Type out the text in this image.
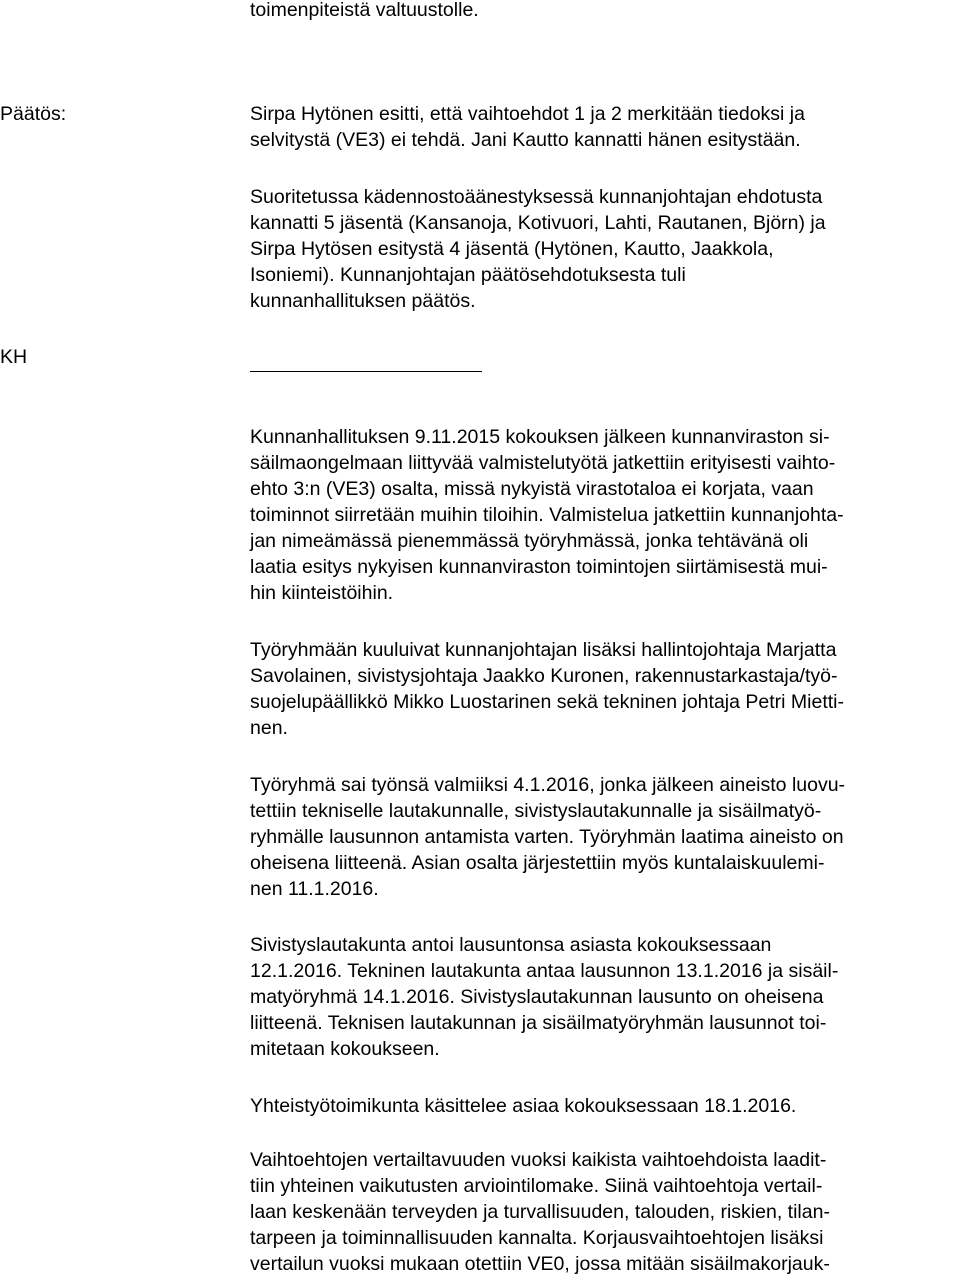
toimenpiteistä valtuustolle.
Päätös:	Sirpa Hytönen esitti, että vaihtoehdot 1 ja 2 merkitään tiedoksi ja
selvitystä (VE3) ei tehdä. Jani Kautto kannatti hänen esitystään.
Suoritetussa kädennostoäänestyksessä kunnanjohtajan ehdotusta
kannatti 5 jäsentä (Kansanoja, Kotivuori, Lahti, Rautanen, Björn) ja
Sirpa Hytösen esitystä 4 jäsentä (Hytönen, Kautto, Jaakkola,
Isoniemi). Kunnanjohtajan päätösehdotuksesta tuli
kunnanhallituksen päätös.
KH
Kunnanhallituksen 9.11.2015 kokouksen jälkeen kunnanviraston si-
säilmaongelmaan liittyvää valmistelutyötä jatkettiin erityisesti vaihto-
ehto 3:n (VE3) osalta, missä nykyistä virastotaloa ei korjata, vaan
toiminnot siirretään muihin tiloihin. Valmistelua jatkettiin kunnanjohta-
jan nimeämässä pienemmässä työryhmässä, jonka tehtävänä oli
laatia esitys nykyisen kunnanviraston toimintojen siirtämisestä mui-
hin kiinteistöihin.
Työryhmään kuuluivat kunnanjohtajan lisäksi hallintojohtaja Marjatta
Savolainen, sivistysjohtaja Jaakko Kuronen, rakennustarkastaja/työ-
suojelupäällikkö Mikko Luostarinen sekä tekninen johtaja Petri Mietti-
nen.
Työryhmä sai työnsä valmiiksi 4.1.2016, jonka jälkeen aineisto luovu-
tettiin tekniselle lautakunnalle, sivistyslautakunnalle ja sisäilmatyö-
ryhmälle lausunnon antamista varten. Työryhmän laatima aineisto on
oheisena liitteenä. Asian osalta järjestettiin myös kuntalaiskuulemi-
nen 11.1.2016.
Sivistyslautakunta antoi lausuntonsa asiasta kokouksessaan
12.1.2016. Tekninen lautakunta antaa lausunnon 13.1.2016 ja sisäil-
matyöryhmä 14.1.2016. Sivistyslautakunnan lausunto on oheisena
liitteenä. Teknisen lautakunnan ja sisäilmatyöryhmän lausunnot toi-
mitetaan kokoukseen.
Yhteistyötoimikunta käsittelee asiaa kokouksessaan 18.1.2016.
Vaihtoehtojen vertailtavuuden vuoksi kaikista vaihtoehdoista laadit-
tiin yhteinen vaikutusten arviointilomake. Siinä vaihtoehtoja vertail-
laan keskenään terveyden ja turvallisuuden, talouden, riskien, tilan-
tarpeen ja toiminnallisuuden kannalta. Korjausvaihtoehtojen lisäksi
vertailun vuoksi mukaan otettiin VE0, jossa mitään sisäilmakorjauk-
